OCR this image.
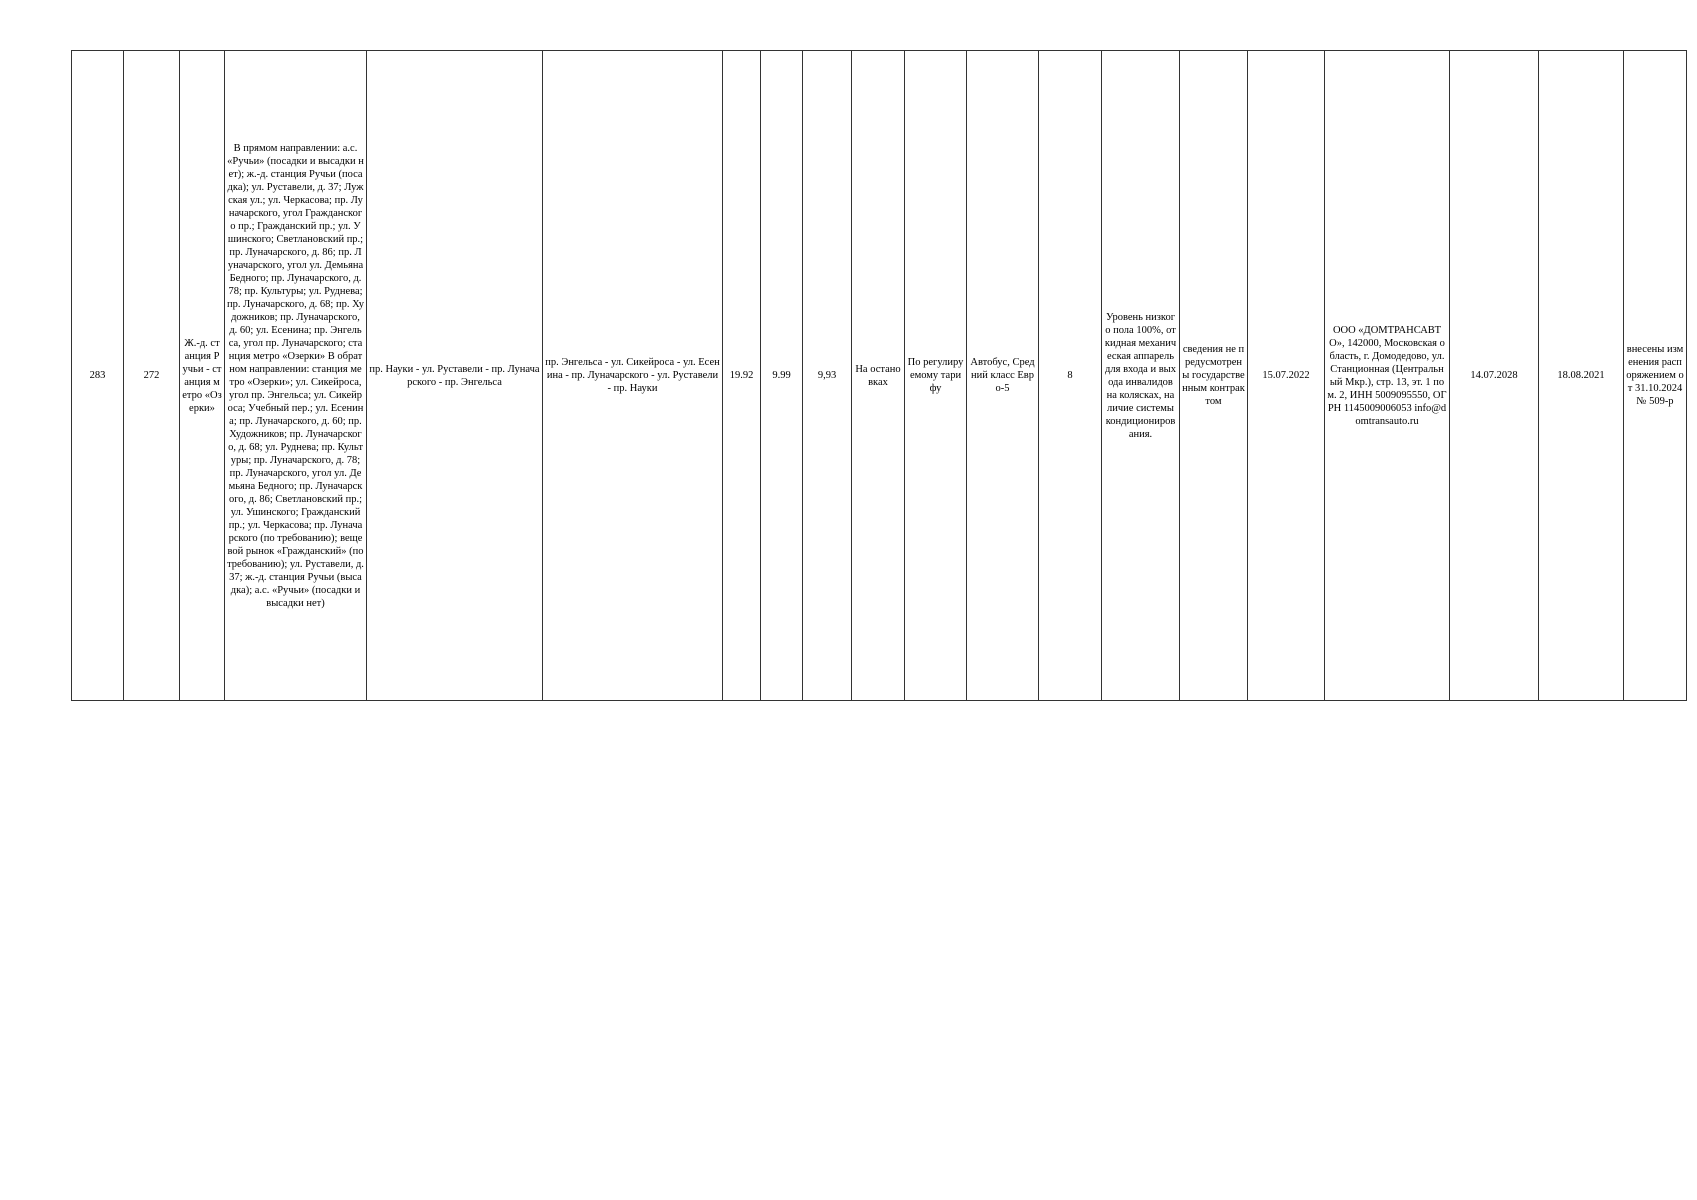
283	272	Ж.-д. станция Ручьи - станция метро «Озерки»	В прямом направлении: а.с. «Ручьи» (посадки и высадки нет); ж.-д. станция Ручьи (посадка); ул. Руставели, д. 37; Лужская ул.; ул. Черкасова; пр. Луначарского, угол Гражданского пр.; Гражданский пр.; ул. Ушинского; Светлановский пр.; пр. Луначарского, д. 86; пр. Луначарского, угол ул. Демьяна Бедного; пр. Луначарского, д. 78; пр. Культуры; ул. Руднева; пр. Луначарского, д. 68; пр. Художников; пр. Луначарского, д. 60; ул. Есенина; пр. Энгельса, угол пр. Луначарского; станция метро «Озерки» В обратном направлении: станция метро «Озерки»; ул. Сикейроса, угол пр. Энгельса; ул. Сикейроса; Учебный пер.; ул. Есенина; пр. Луначарского, д. 60; пр. Художников; пр. Луначарского, д. 68; ул. Руднева; пр. Культуры; пр. Луначарского, д. 78; пр. Луначарского, угол ул. Демьяна Бедного; пр. Луначарского, д. 86; Светлановский пр.; ул. Ушинского; Гражданский пр.; ул. Черкасова; пр. Луначарского (по требованию); вещевой рынок «Гражданский» (по требованию); ул. Руставели, д. 37; ж.-д. станция Ручьи (высадка); а.с. «Ручьи» (посадки и высадки нет)	пр. Науки - ул. Руставели - пр. Луначарского - пр. Энгельса	пр. Энгельса - ул. Сикейроса - ул. Есенина - пр. Луначарского - ул. Руставели - пр. Науки	19.92	9.99	9,93	На остановках	По регулируемому тарифу	Автобус, Средний класс Евро-5	8	Уровень низкого пола 100%, откидная механическая аппарель для входа и выхода инвалидов на колясках, наличие системы кондиционирования.	сведения не предусмотрены государственным контрактом	15.07.2022	ООО «ДОМТРАНСАВТО», 142000, Московская область, г. Домодедово, ул. Станционная (Центральный Мкр.), стр. 13, эт. 1 пом. 2, ИНН 5009095550, ОГРН 1145009006053 info@domtransauto.ru	14.07.2028	18.08.2021	внесены изменения распоряжением от 31.10.2024 № 509-р
